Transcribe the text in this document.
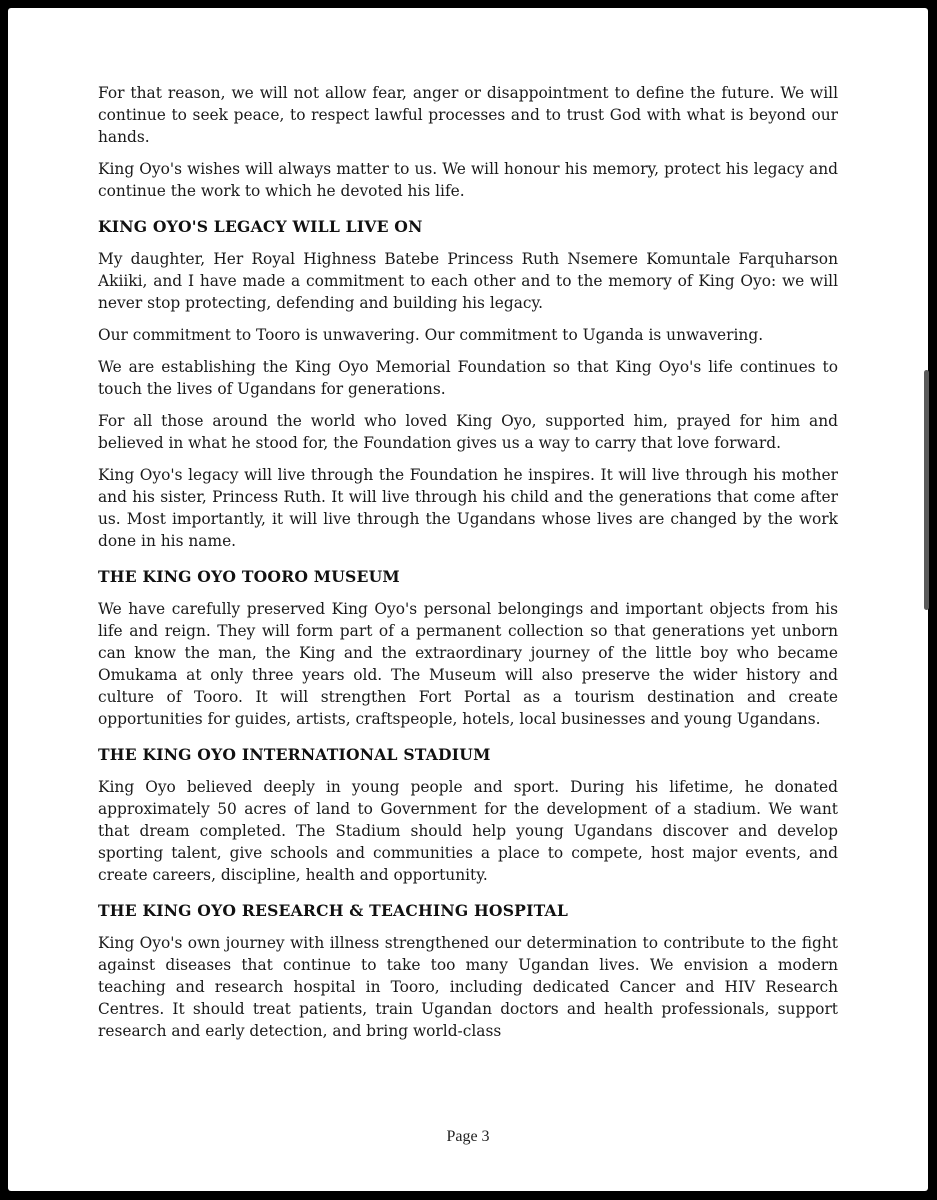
For that reason, we will not allow fear, anger or disappointment to define the future. We will continue to seek peace, to respect lawful processes and to trust God with what is beyond our hands.

King Oyo's wishes will always matter to us. We will honour his memory, protect his legacy and continue the work to which he devoted his life.

KING OYO'S LEGACY WILL LIVE ON

My daughter, Her Royal Highness Batebe Princess Ruth Nsemere Komuntale Farquharson Akiiki, and I have made a commitment to each other and to the memory of King Oyo: we will never stop protecting, defending and building his legacy.

Our commitment to Tooro is unwavering. Our commitment to Uganda is unwavering.

We are establishing the King Oyo Memorial Foundation so that King Oyo's life continues to touch the lives of Ugandans for generations.

For all those around the world who loved King Oyo, supported him, prayed for him and believed in what he stood for, the Foundation gives us a way to carry that love forward.

King Oyo's legacy will live through the Foundation he inspires. It will live through his mother and his sister, Princess Ruth. It will live through his child and the generations that come after us. Most importantly, it will live through the Ugandans whose lives are changed by the work done in his name.

THE KING OYO TOORO MUSEUM

We have carefully preserved King Oyo's personal belongings and important objects from his life and reign. They will form part of a permanent collection so that generations yet unborn can know the man, the King and the extraordinary journey of the little boy who became Omukama at only three years old. The Museum will also preserve the wider history and culture of Tooro. It will strengthen Fort Portal as a tourism destination and create opportunities for guides, artists, craftspeople, hotels, local businesses and young Ugandans.

THE KING OYO INTERNATIONAL STADIUM

King Oyo believed deeply in young people and sport. During his lifetime, he donated approximately 50 acres of land to Government for the development of a stadium. We want that dream completed. The Stadium should help young Ugandans discover and develop sporting talent, give schools and communities a place to compete, host major events, and create careers, discipline, health and opportunity.

THE KING OYO RESEARCH & TEACHING HOSPITAL

King Oyo's own journey with illness strengthened our determination to contribute to the fight against diseases that continue to take too many Ugandan lives. We envision a modern teaching and research hospital in Tooro, including dedicated Cancer and HIV Research Centres. It should treat patients, train Ugandan doctors and health professionals, support research and early detection, and bring world-class

Page 3
